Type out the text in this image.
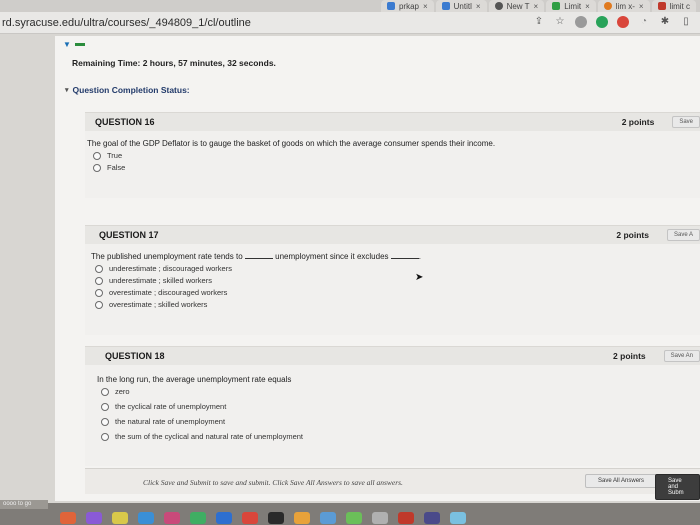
prkap ×	Untitl ×	New T ×	Limit ×	lim x- ×	limit c
rd.syracuse.edu/ultra/courses/_494809_1/cl/outline	⇪ ☆	◔ ✱	▯
▼
Remaining Time: 2 hours, 57 minutes, 32 seconds.
▾ Question Completion Status:
QUESTION 16	2 points	Save
The goal of the GDP Deflator is to gauge the basket of goods on which the average consumer spends their income.
True
False
QUESTION 17	2 points	Save A
The published unemployment rate tends to	unemployment since it excludes	.
underestimate ; discouraged workers
underestimate ; skilled workers
overestimate ; discouraged workers
overestimate ; skilled workers
QUESTION 18	2 points	Save An
In the long run, the average unemployment rate equals
zero
the cyclical rate of unemployment
the natural rate of unemployment
the sum of the cyclical and natural rate of unemployment
Click Save and Submit to save and submit. Click Save All Answers to save all answers.	Save All Answers	Save and Subm
➤
oooo to go
